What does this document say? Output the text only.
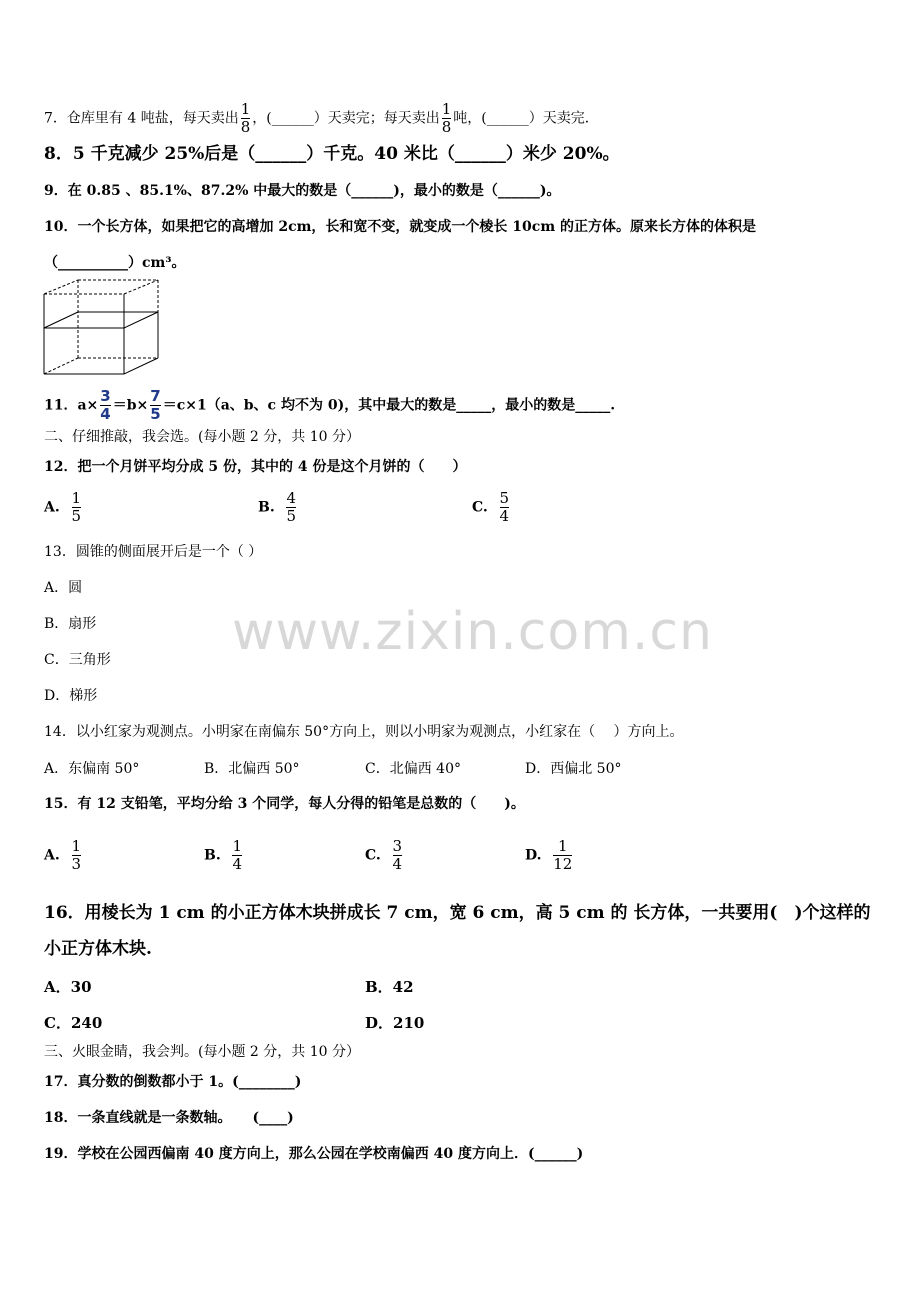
7．仓库里有 4 吨盐，每天卖出 $\frac{1}{8}$ ，(______）天卖完；每天卖出 $\frac{1}{8}$ 吨，(______）天卖完．
8．5 千克减少 25%后是（______）千克。40 米比（______）米少 20%。
9．在 0.85 、85.1%、87.2% 中最大的数是（______)，最小的数是（______)。
10．一个长方体，如果把它的高增加 2cm，长和宽不变，就变成一个棱长 10cm 的正方体。原来长方体的体积是
（__________）cm³。
11．$a\times \frac{3}{4} =b\times \frac{7}{5} =c\times 1(a$、b、c 均不为 0)，其中最大的数是_____，最小的数是_____.
二、仔细推敲，我会选。(每小题 2 分，共 10 分）
12．把一个月饼平均分成 5 份，其中的 4 份是这个月饼的（　　）
A. $\frac{1}{5}$	B. $\frac{4}{5}$	C. $\frac{5}{4}$
13．圆锥的侧面展开后是一个（ ）
A．圆
B．扇形
C．三角形
D．梯形
www.zixin.com.cn
14．以小红家为观测点。小明家在南偏东 50°方向上，则以小明家为观测点，小红家在（　 ）方向上。
A．东偏南 50°	B．北偏西 50°	C．北偏西 40°	D．西偏北 50°
15．有 12 支铅笔，平均分给 3 个同学，每人分得的铅笔是总数的（　　)。
A. $\frac{1}{3}$	B. $\frac{1}{4}$	C. $\frac{3}{4}$	D. $\frac{1}{12}$
16．用棱长为 1 cm 的小正方体木块拼成长 7 cm，宽 6 cm，高 5 cm 的 长方体，一共要用(　)个这样的
小正方体木块.
A．30	B．42
C．240	D．210
三、火眼金睛，我会判。(每小题 2 分，共 10 分）
17．真分数的倒数都小于 1。(________)
18．一条直线就是一条数轴。　　(____)
19．学校在公园西偏南 40 度方向上，那么公园在学校南偏西 40 度方向上．(______)
